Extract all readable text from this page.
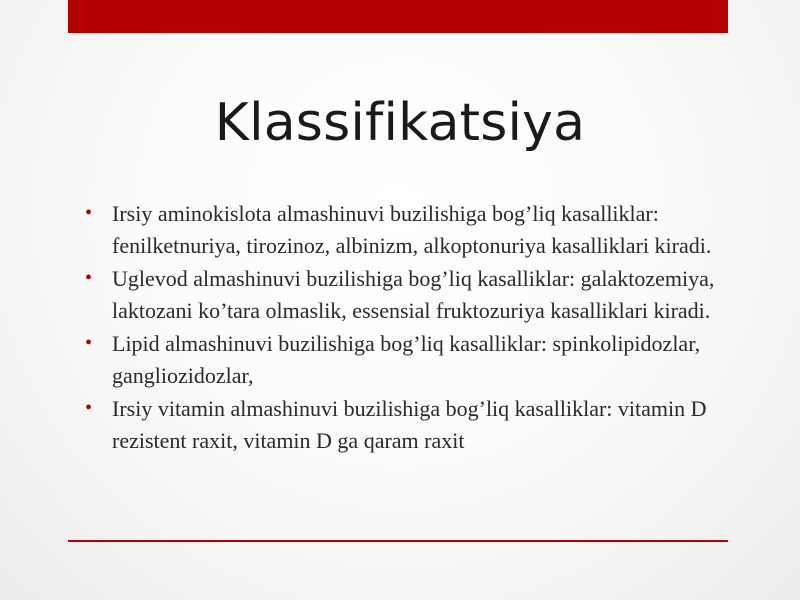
Klassifikatsiya
• Irsiy aminokislota almashinuvi buzilishiga bog’liq kasalliklar: fenilketnuriya, tirozinoz, albinizm, alkoptonuriya kasalliklari kiradi.
• Uglevod almashinuvi buzilishiga bog’liq kasalliklar: galaktozemiya, laktozani ko’tara olmaslik, essensial fruktozuriya kasalliklari kiradi.
• Lipid almashinuvi buzilishiga bog’liq kasalliklar: spinkolipidozlar, gangliozidozlar,
• Irsiy vitamin almashinuvi buzilishiga bog’liq kasalliklar: vitamin D rezistent raxit, vitamin D ga qaram raxit
